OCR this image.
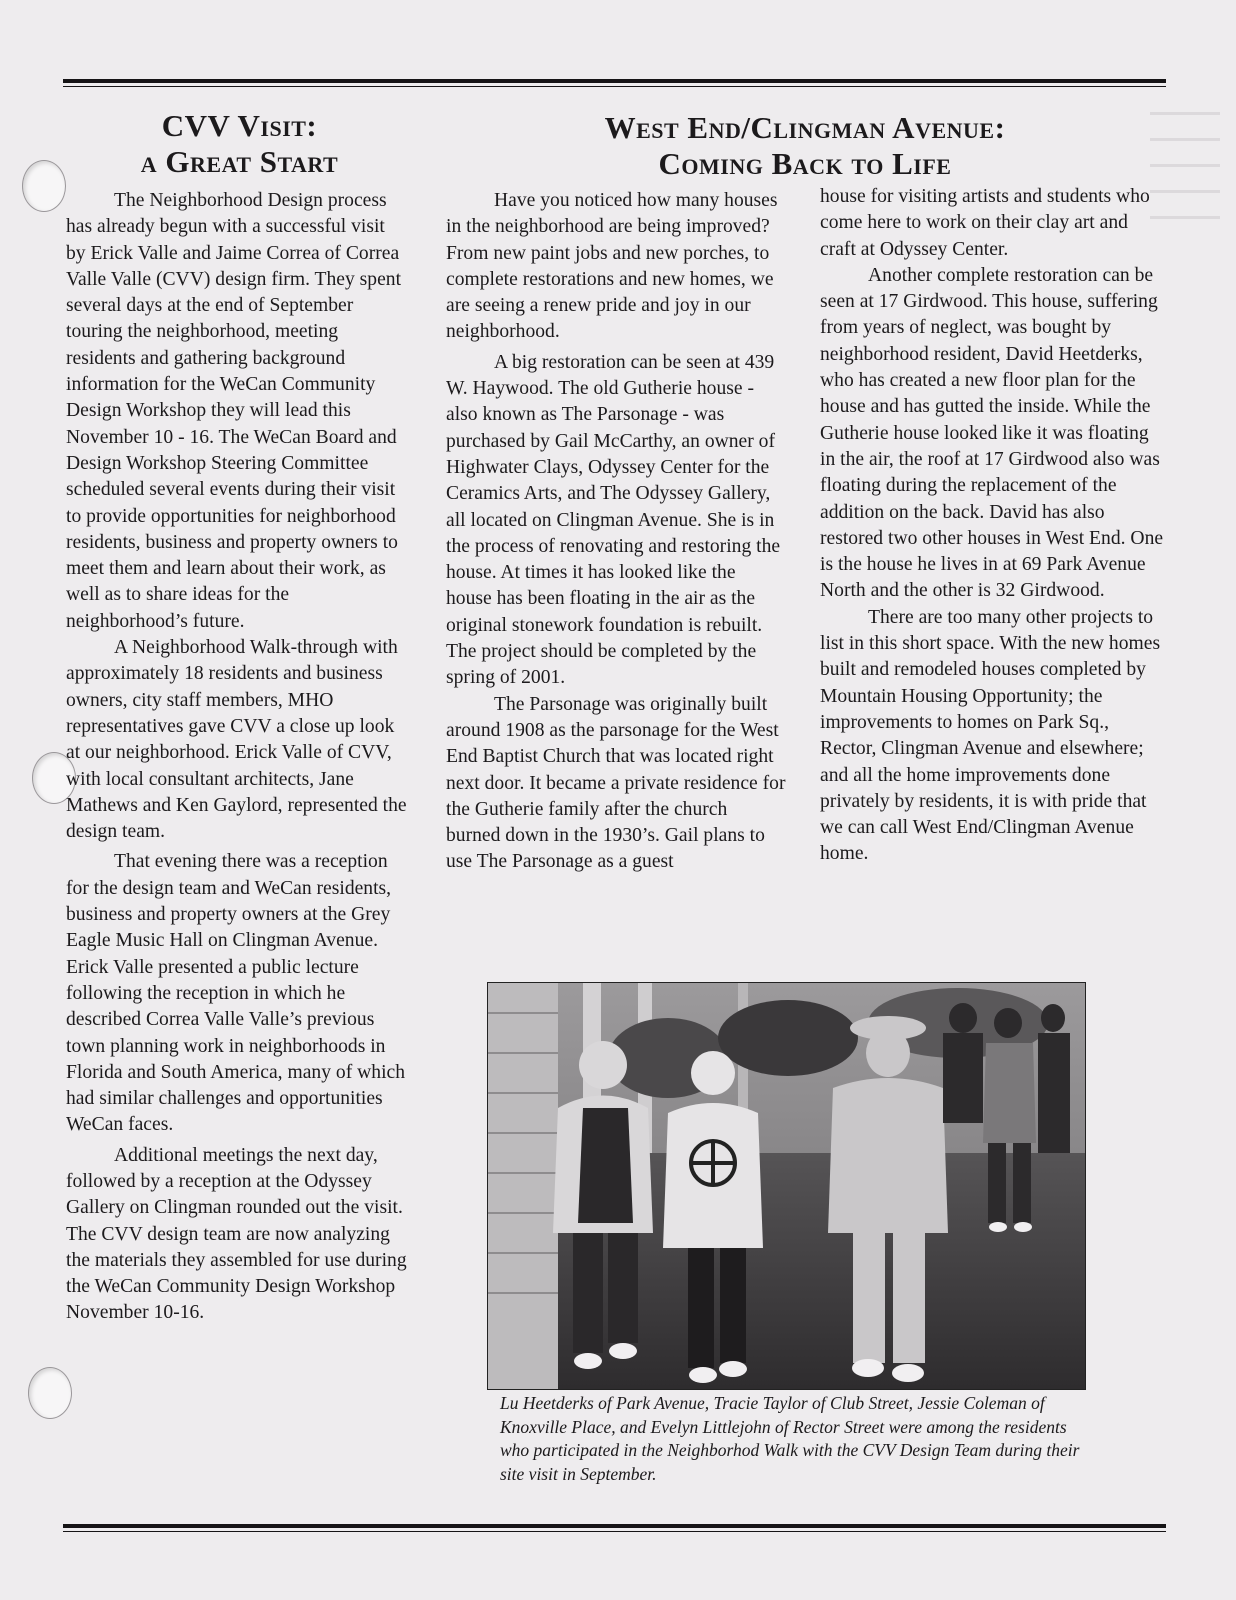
CVV Visit:
a Great Start

The Neighborhood Design process has already begun with a successful visit by Erick Valle and Jaime Correa of Correa Valle Valle (CVV) design firm. They spent several days at the end of September touring the neighborhood, meeting residents and gathering background information for the WeCan Community Design Workshop they will lead this November 10 - 16. The WeCan Board and Design Workshop Steering Committee scheduled several events during their visit to provide opportunities for neighborhood residents, business and property owners to meet them and learn about their work, as well as to share ideas for the neighborhood’s future.

A Neighborhood Walk-through with approximately 18 residents and business owners, city staff members, MHO representatives gave CVV a close up look at our neighborhood. Erick Valle of CVV, with local consultant architects, Jane Mathews and Ken Gaylord, represented the design team.

That evening there was a reception for the design team and WeCan residents, business and property owners at the Grey Eagle Music Hall on Clingman Avenue. Erick Valle presented a public lecture following the reception in which he described Correa Valle Valle’s previous town planning work in neighborhoods in Florida and South America, many of which had similar challenges and opportunities WeCan faces.

Additional meetings the next day, followed by a reception at the Odyssey Gallery on Clingman rounded out the visit. The CVV design team are now analyzing the materials they assembled for use during the WeCan Community Design Workshop November 10-16.

West End/Clingman Avenue:
Coming Back to Life

Have you noticed how many houses in the neighborhood are being improved? From new paint jobs and new porches, to complete restorations and new homes, we are seeing a renew pride and joy in our neighborhood.

A big restoration can be seen at 439 W. Haywood. The old Gutherie house - also known as The Parsonage - was purchased by Gail McCarthy, an owner of Highwater Clays, Odyssey Center for the Ceramics Arts, and The Odyssey Gallery, all located on Clingman Avenue. She is in the process of renovating and restoring the house. At times it has looked like the house has been floating in the air as the original stonework foundation is rebuilt. The project should be completed by the spring of 2001.

The Parsonage was originally built around 1908 as the parsonage for the West End Baptist Church that was located right next door. It became a private residence for the Gutherie family after the church burned down in the 1930’s. Gail plans to use The Parsonage as a guest

house for visiting artists and students who come here to work on their clay art and craft at Odyssey Center.

Another complete restoration can be seen at 17 Girdwood. This house, suffering from years of neglect, was bought by neighborhood resident, David Heetderks, who has created a new floor plan for the house and has gutted the inside. While the Gutherie house looked like it was floating in the air, the roof at 17 Girdwood also was floating during the replacement of the addition on the back. David has also restored two other houses in West End. One is the house he lives in at 69 Park Avenue North and the other is 32 Girdwood.

There are too many other projects to list in this short space. With the new homes built and remodeled houses completed by Mountain Housing Opportunity; the improvements to homes on Park Sq., Rector, Clingman Avenue and elsewhere; and all the home improvements done privately by residents, it is with pride that we can call West End/Clingman Avenue home.

Lu Heetderks of Park Avenue, Tracie Taylor of Club Street, Jessie Coleman of Knoxville Place, and Evelyn Littlejohn of Rector Street were among the residents who participated in the Neighborhod Walk with the CVV Design Team during their site visit in September.
